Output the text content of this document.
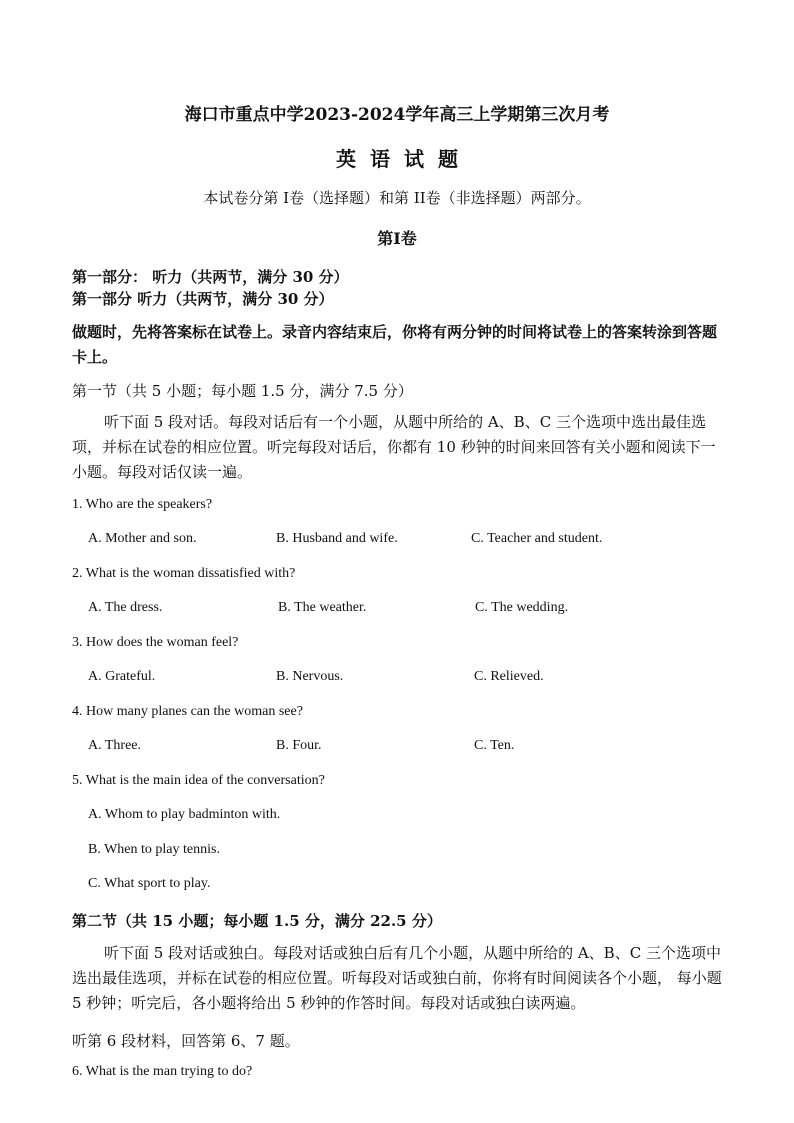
海口市重点中学2023-2024学年高三上学期第三次月考
英语试题
本试卷分第 I卷（选择题）和第 II卷（非选择题）两部分。
第I卷
第一部分： 听力（共两节，满分 30 分）
第一部分 听力（共两节，满分 30 分）
做题时，先将答案标在试卷上。录音内容结束后，你将有两分钟的时间将试卷上的答案转涂到答题卡上。
第一节（共 5 小题；每小题 1.5 分，满分 7.5 分）
听下面 5 段对话。每段对话后有一个小题，从题中所给的 A、B、C 三个选项中选出最佳选项，并标在试卷的相应位置。听完每段对话后，你都有 10 秒钟的时间来回答有关小题和阅读下一小题。每段对话仅读一遍。
1. Who are the speakers?
A. Mother and son.	B. Husband and wife.	C. Teacher and student.
2. What is the woman dissatisfied with?
A. The dress.	B. The weather.	C. The wedding.
3. How does the woman feel?
A. Grateful.	B. Nervous.	C. Relieved.
4. How many planes can the woman see?
A. Three.	B. Four.	C. Ten.
5. What is the main idea of the conversation?
A. Whom to play badminton with.
B. When to play tennis.
C. What sport to play.
第二节（共 15 小题；每小题 1.5 分，满分 22.5 分）
听下面 5 段对话或独白。每段对话或独白后有几个小题，从题中所给的 A、B、C 三个选项中选出最佳选项，并标在试卷的相应位置。听每段对话或独白前，你将有时间阅读各个小题， 每小题 5 秒钟；听完后，各小题将给出 5 秒钟的作答时间。每段对话或独白读两遍。
听第 6 段材料，回答第 6、7 题。
6. What is the man trying to do?
